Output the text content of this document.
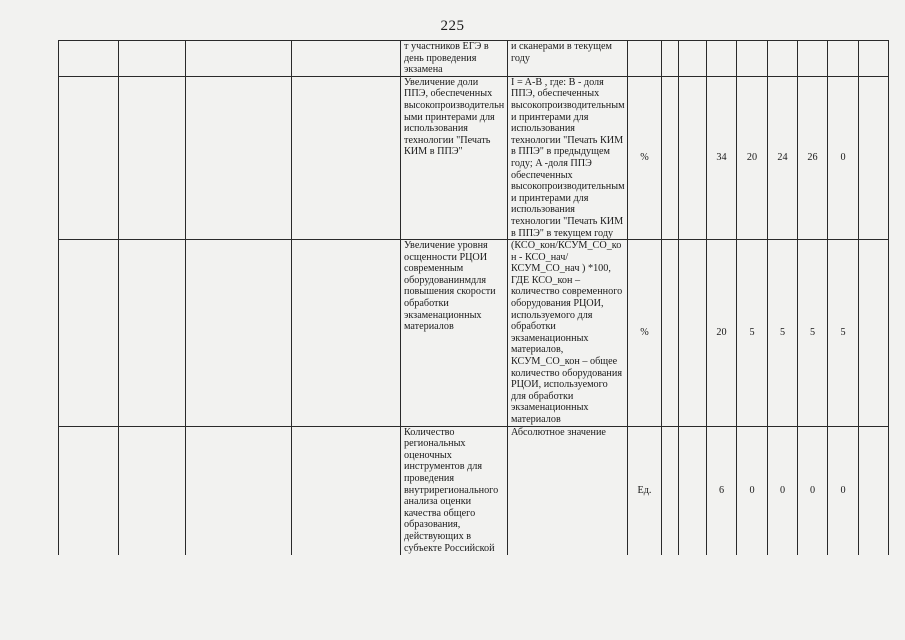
225
				т участников ЕГЭ в день проведения экзамена	и сканерами в текущем году									
				Увеличение доли ППЭ, обеспеченных высокопроизводительн ыми принтерами для использования технологии "Печать КИМ в ППЭ"	I = A-B , где: B - доля ППЭ, обеспеченных высокопроизводительным и принтерами для использования технологии "Печать КИМ в ППЭ" в предыдущем году; A -доля ППЭ обеспеченных высокопроизводительным и принтерами для использования технологии "Печать КИМ в ППЭ" в текущем году	%			34	20	24	26	0	
				Увеличение уровня осщенности РЦОИ современным оборудованинмдля повышения скорости обработки экзаменационных материалов	(КСО_кон/КСУМ_СО_ко н - КСО_нач/КСУМ_СО_нач ) *100, ГДЕ КСО_кон – количество современного оборудования РЦОИ, используемого для обработки экзаменационных материалов, КСУМ_СО_кон – общее количество оборудования РЦОИ, используемого для обработки экзаменационных материалов	%			20	5	5	5	5	

				Количество региональных оценочных инструментов для проведения внутрирегионального анализа оценки качества общего образования, действующих в субъекте Российской	Абсолютное значение	Ед.			6	0	0	0	0	
